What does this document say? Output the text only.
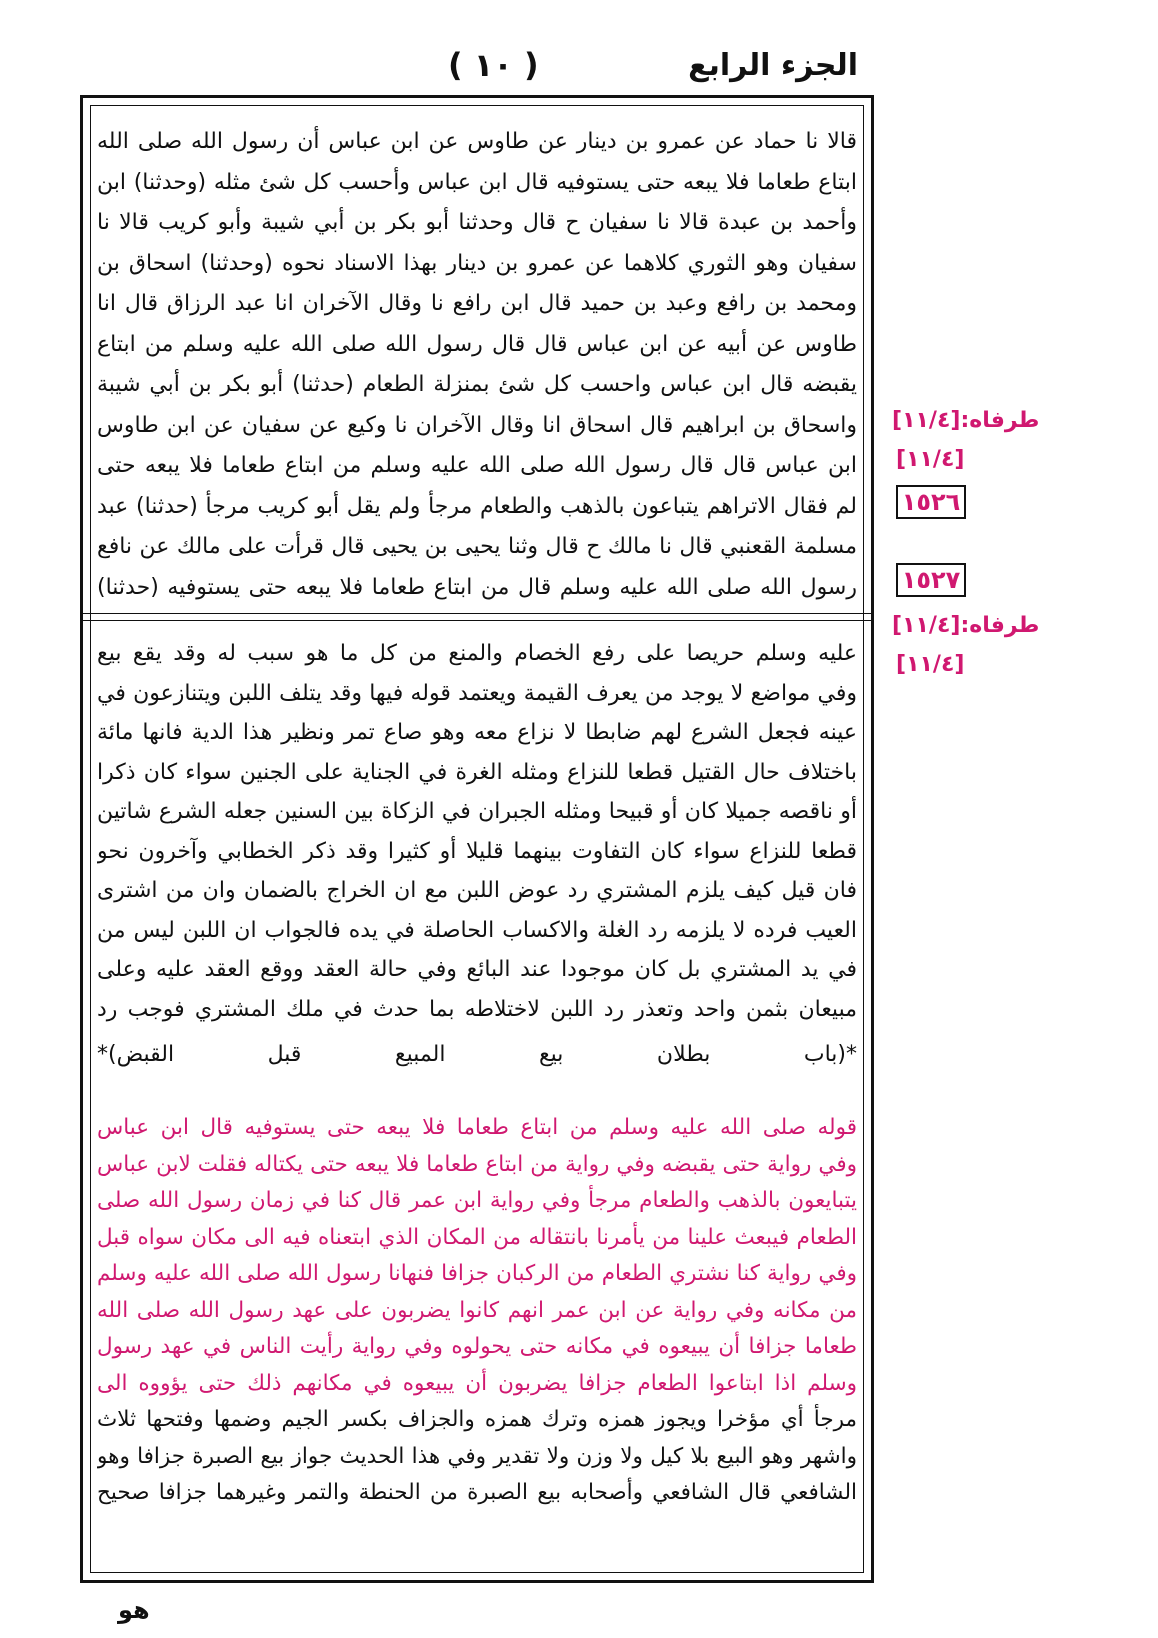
الجزء الرابع
( ١٠ )
قالا نا حماد عن عمرو بن دينار عن طاوس عن ابن عباس أن رسول الله صلى الله
ابتاع طعاما فلا يبعه حتى يستوفيه قال ابن عباس وأحسب كل شئ مثله (وحدثنا) ابن
وأحمد بن عبدة قالا نا سفيان ح قال وحدثنا أبو بكر بن أبي شيبة وأبو كريب قالا نا
سفيان وهو الثوري كلاهما عن عمرو بن دينار بهذا الاسناد نحوه (وحدثنا) اسحاق بن
ومحمد بن رافع وعبد بن حميد قال ابن رافع نا وقال الآخران انا عبد الرزاق قال انا
طاوس عن أبيه عن ابن عباس قال قال رسول الله صلى الله عليه وسلم من ابتاع
يقبضه قال ابن عباس واحسب كل شئ بمنزلة الطعام (حدثنا) أبو بكر بن أبي شيبة
واسحاق بن ابراهيم قال اسحاق انا وقال الآخران نا وكيع عن سفيان عن ابن طاوس
ابن عباس قال قال رسول الله صلى الله عليه وسلم من ابتاع طعاما فلا يبعه حتى
لم فقال الاتراهم يتباعون بالذهب والطعام مرجأ ولم يقل أبو كريب مرجأ (حدثنا) عبد
مسلمة القعنبي قال نا مالك ح قال وثنا يحيى بن يحيى قال قرأت على مالك عن نافع
رسول الله صلى الله عليه وسلم قال من ابتاع طعاما فلا يبعه حتى يستوفيه (حدثنا)
عليه وسلم حريصا على رفع الخصام والمنع من كل ما هو سبب له وقد يقع بيع
وفي مواضع لا يوجد من يعرف القيمة ويعتمد قوله فيها وقد يتلف اللبن ويتنازعون في
عينه فجعل الشرع لهم ضابطا لا نزاع معه وهو صاع تمر ونظير هذا الدية فانها مائة
باختلاف حال القتيل قطعا للنزاع ومثله الغرة في الجناية على الجنين سواء كان ذكرا
أو ناقصه جميلا كان أو قبيحا ومثله الجبران في الزكاة بين السنين جعله الشرع شاتين
قطعا للنزاع سواء كان التفاوت بينهما قليلا أو كثيرا وقد ذكر الخطابي وآخرون نحو
فان قيل كيف يلزم المشتري رد عوض اللبن مع ان الخراج بالضمان وان من اشترى
العيب فرده لا يلزمه رد الغلة والاكساب الحاصلة في يده فالجواب ان اللبن ليس من
في يد المشتري بل كان موجودا عند البائع وفي حالة العقد ووقع العقد عليه وعلى
مبيعان بثمن واحد وتعذر رد اللبن لاختلاطه بما حدث في ملك المشتري فوجب رد
*(باب بطلان بيع المبيع قبل القبض)*
قوله صلى الله عليه وسلم من ابتاع طعاما فلا يبعه حتى يستوفيه قال ابن عباس
وفي رواية حتى يقبضه وفي رواية من ابتاع طعاما فلا يبعه حتى يكتاله فقلت لابن عباس
يتبايعون بالذهب والطعام مرجأ وفي رواية ابن عمر قال كنا في زمان رسول الله صلى
الطعام فيبعث علينا من يأمرنا بانتقاله من المكان الذي ابتعناه فيه الى مكان سواه قبل
وفي رواية كنا نشتري الطعام من الركبان جزافا فنهانا رسول الله صلى الله عليه وسلم
من مكانه وفي رواية عن ابن عمر انهم كانوا يضربون على عهد رسول الله صلى الله
طعاما جزافا أن يبيعوه في مكانه حتى يحولوه وفي رواية رأيت الناس في عهد رسول
وسلم اذا ابتاعوا الطعام جزافا يضربون أن يبيعوه في مكانهم ذلك حتى يؤووه الى
مرجأ أي مؤخرا ويجوز همزه وترك همزه والجزاف بكسر الجيم وضمها وفتحها ثلاث
واشهر وهو البيع بلا كيل ولا وزن ولا تقدير وفي هذا الحديث جواز بيع الصبرة جزافا وهو
الشافعي قال الشافعي وأصحابه بيع الصبرة من الحنطة والتمر وغيرهما جزافا صحيح
طرفاه:[١١/٤]
[١١/٤]
١٥٢٦
١٥٢٧
طرفاه:[١١/٤]
[١١/٤]
هو
